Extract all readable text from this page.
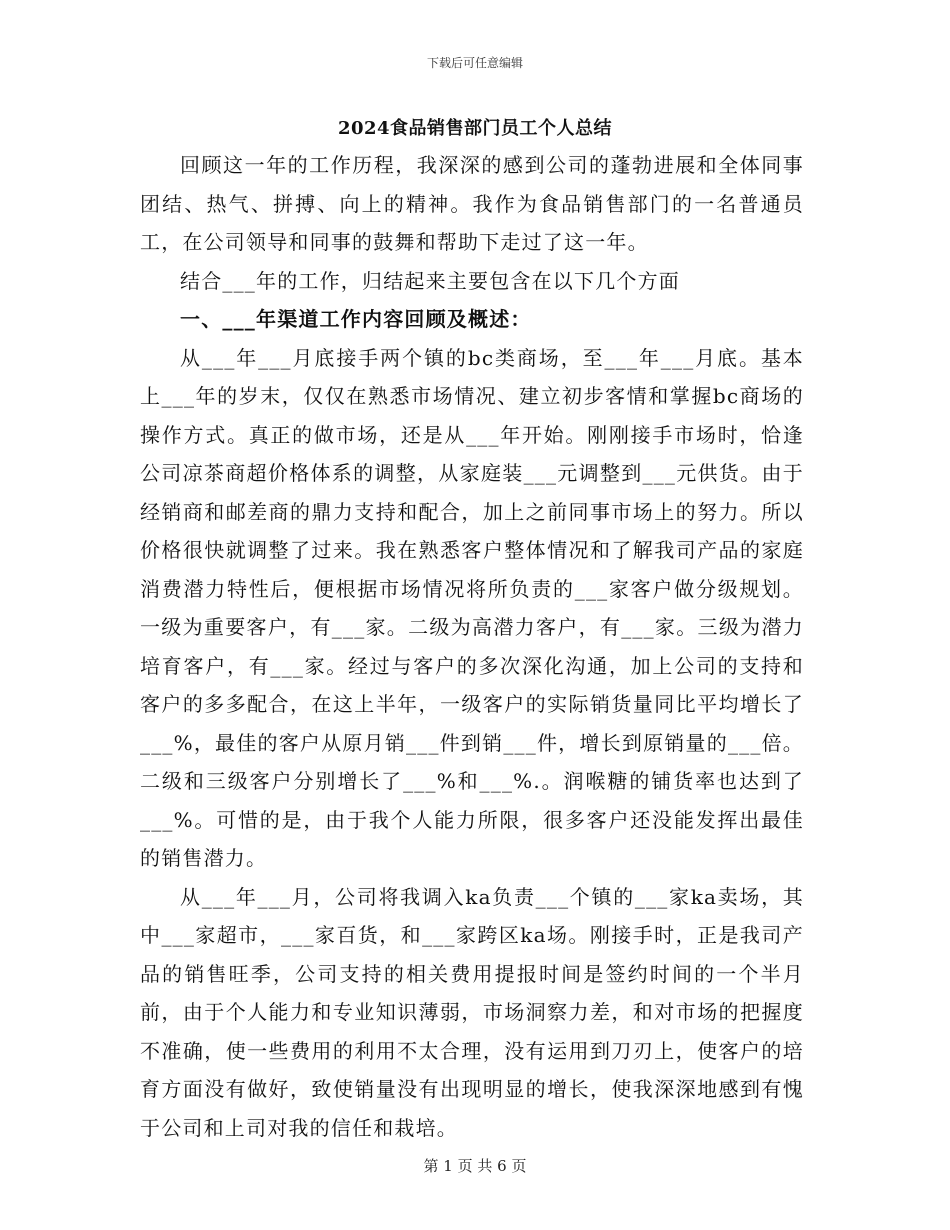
下载后可任意编辑
2024食品销售部门员工个人总结

回顾这一年的工作历程，我深深的感到公司的蓬勃进展和全体同事团结、热气、拼搏、向上的精神。我作为食品销售部门的一名普通员工，在公司领导和同事的鼓舞和帮助下走过了这一年。

结合___年的工作，归结起来主要包含在以下几个方面

一、___年渠道工作内容回顾及概述：

从___年___月底接手两个镇的bc类商场，至___年___月底。基本上___年的岁末，仅仅在熟悉市场情况、建立初步客情和掌握bc商场的操作方式。真正的做市场，还是从___年开始。刚刚接手市场时，恰逢公司凉茶商超价格体系的调整，从家庭装___元调整到___元供货。由于经销商和邮差商的鼎力支持和配合，加上之前同事市场上的努力。所以价格很快就调整了过来。我在熟悉客户整体情况和了解我司产品的家庭消费潜力特性后，便根据市场情况将所负责的___家客户做分级规划。一级为重要客户，有___家。二级为高潜力客户，有___家。三级为潜力培育客户，有___家。经过与客户的多次深化沟通，加上公司的支持和客户的多多配合，在这上半年，一级客户的实际销货量同比平均增长了___%，最佳的客户从原月销___件到销___件，增长到原销量的___倍。二级和三级客户分别增长了___%和___%.。润喉糖的铺货率也达到了___%。可惜的是，由于我个人能力所限，很多客户还没能发挥出最佳的销售潜力。

从___年___月，公司将我调入ka负责___个镇的___家ka卖场，其中___家超市，___家百货，和___家跨区ka场。刚接手时，正是我司产品的销售旺季，公司支持的相关费用提报时间是签约时间的一个半月前，由于个人能力和专业知识薄弱，市场洞察力差，和对市场的把握度不准确，使一些费用的利用不太合理，没有运用到刀刃上，使客户的培育方面没有做好，致使销量没有出现明显的增长，使我深深地感到有愧于公司和上司对我的信任和栽培。

第 1 页 共 6 页
